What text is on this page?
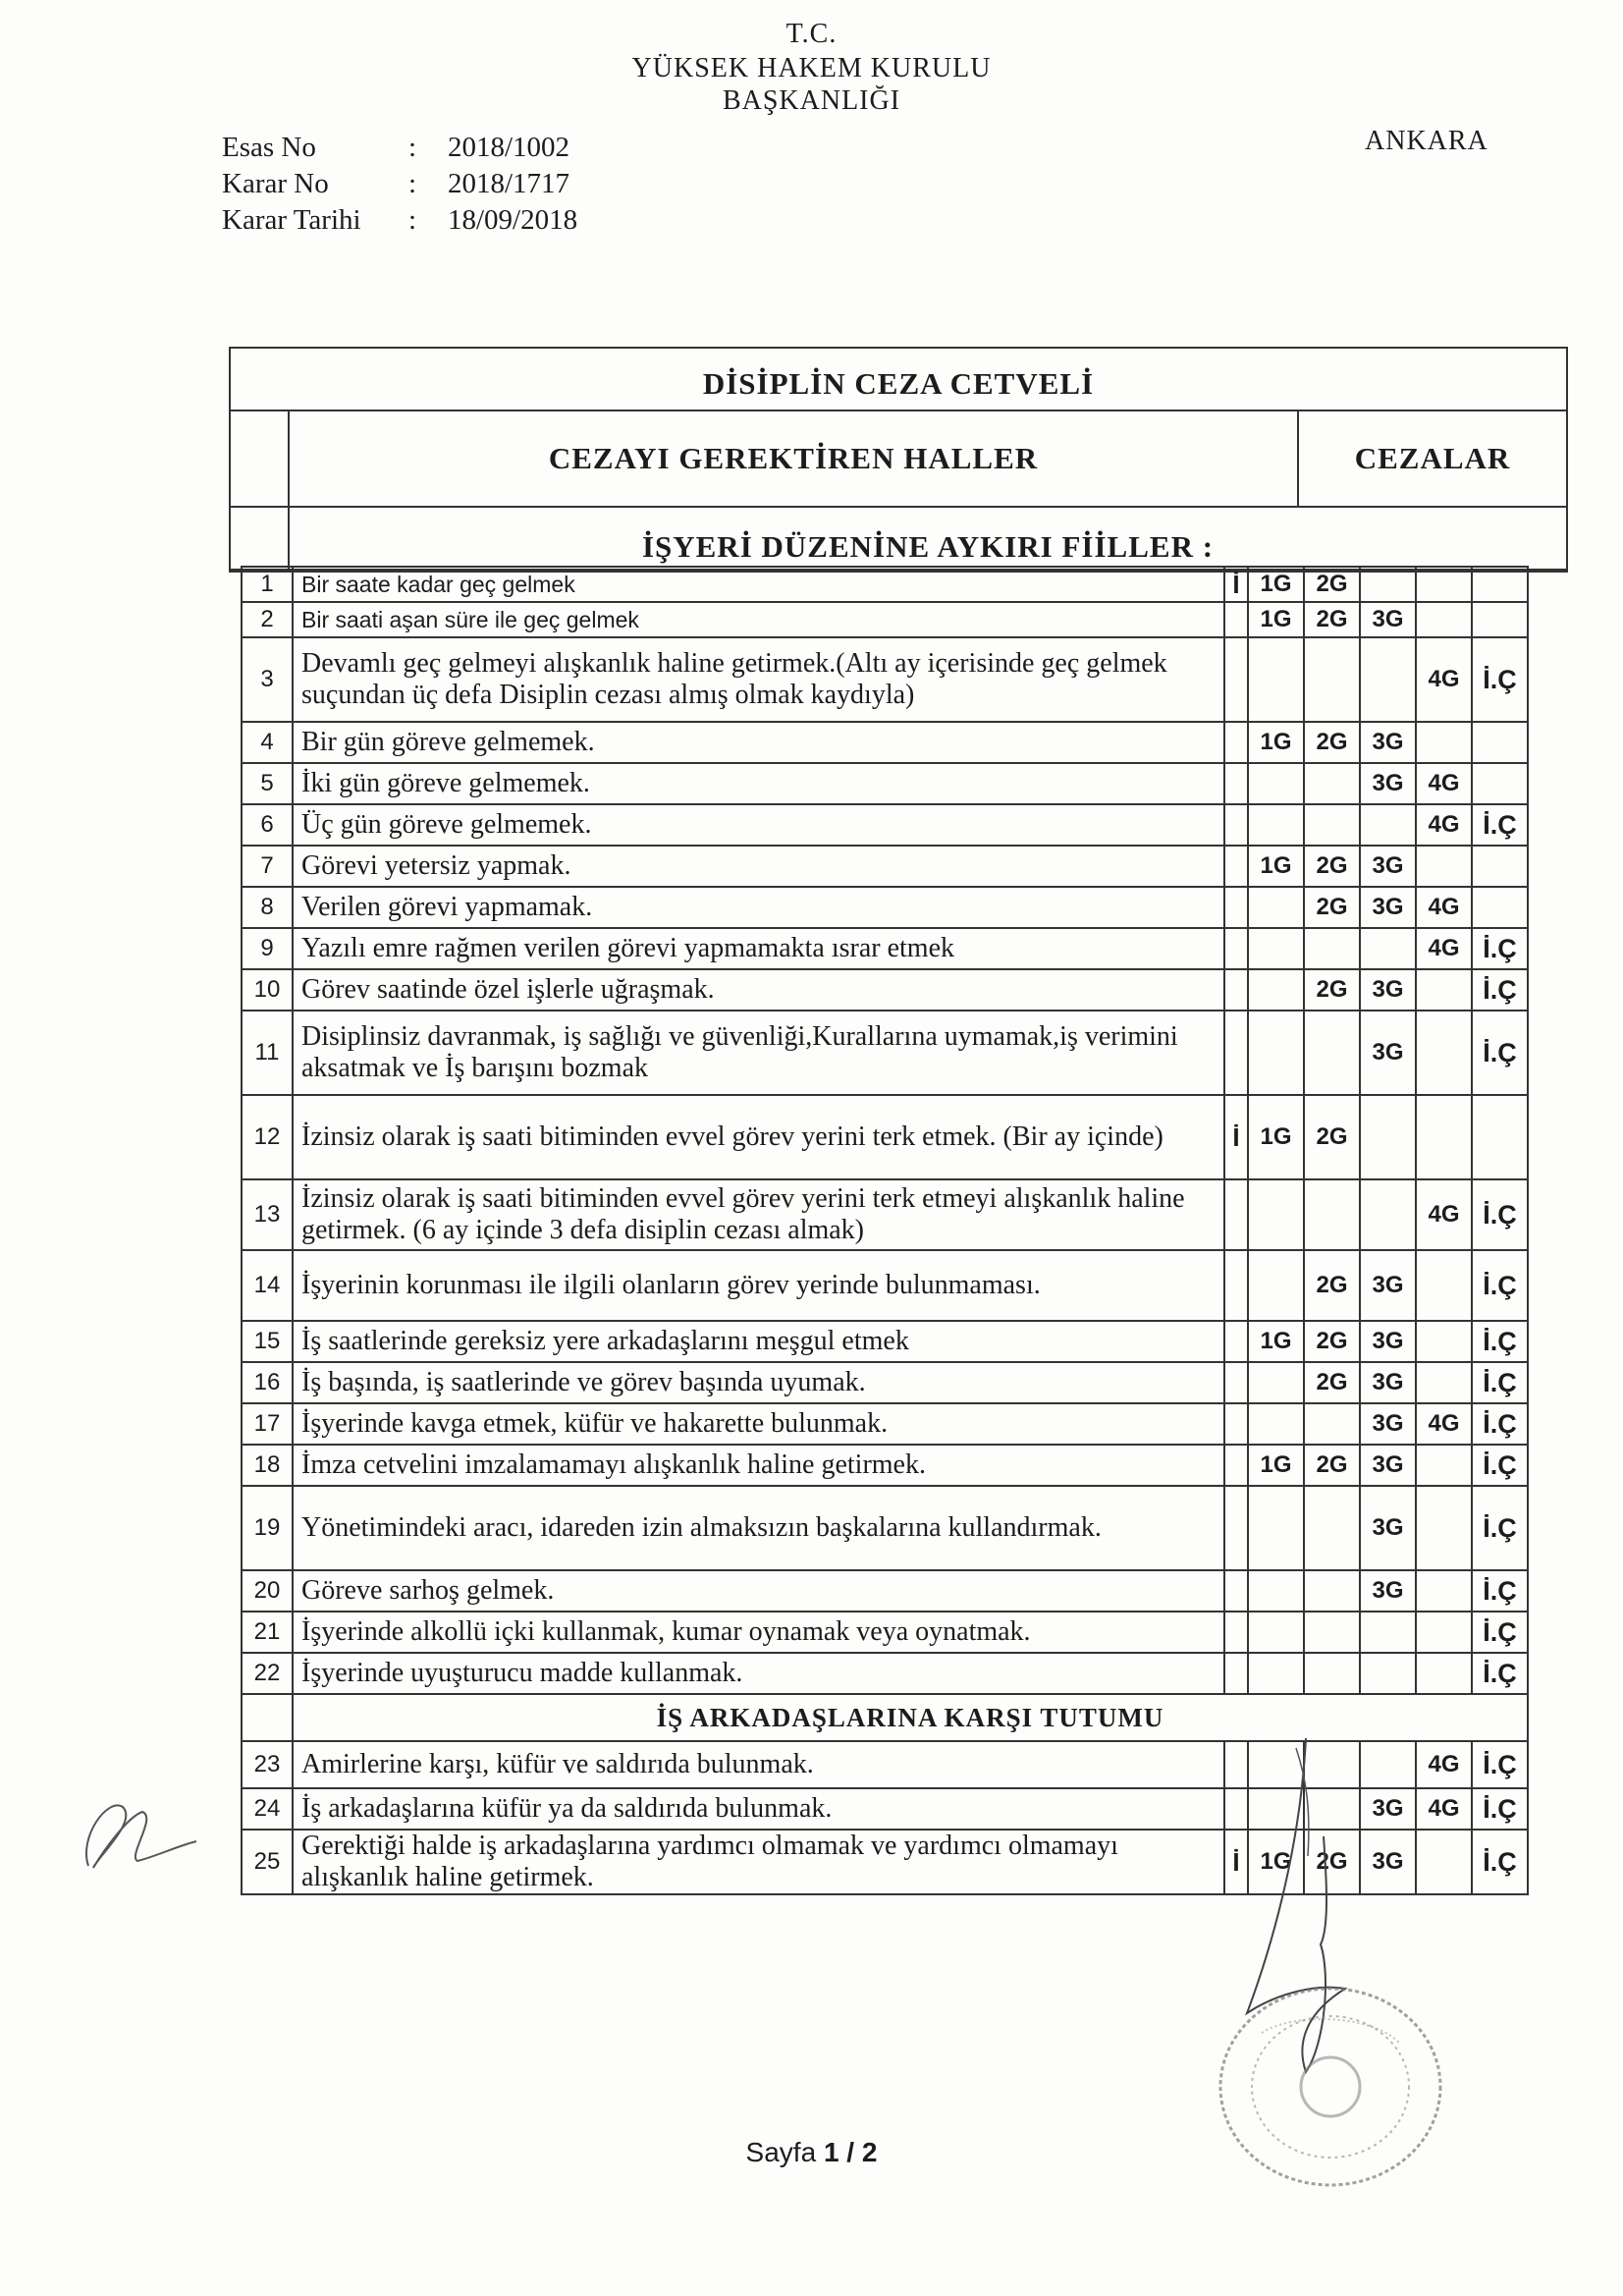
T.C.
YÜKSEK HAKEM KURULU
BAŞKANLIĞI
ANKARA
Esas No	:	2018/1002
Karar No	:	2018/1717
Karar Tarihi	:	18/09/2018
DİSİPLİN CEZA CETVELİ
CEZAYI GEREKTİREN HALLER	CEZALAR
İŞYERİ DÜZENİNE AYKIRI FİİLLER :
1	Bir saate kadar geç gelmek	İ	1G	2G			
2	Bir saati aşan süre ile geç gelmek		1G	2G	3G		
3	Devamlı geç gelmeyi alışkanlık haline getirmek.(Altı ay içerisinde geç gelmek suçundan üç defa Disiplin cezası almış olmak kaydıyla)					4G	İ.Ç
4	Bir gün göreve gelmemek.		1G	2G	3G		
5	İki gün göreve gelmemek.				3G	4G	
6	Üç gün göreve gelmemek.					4G	İ.Ç
7	Görevi yetersiz yapmak.		1G	2G	3G		
8	Verilen görevi yapmamak.			2G	3G	4G	
9	Yazılı emre rağmen verilen görevi yapmamakta ısrar etmek					4G	İ.Ç
10	Görev saatinde özel işlerle uğraşmak.			2G	3G		İ.Ç
11	Disiplinsiz davranmak, iş sağlığı ve güvenliği,Kurallarına uymamak,iş verimini aksatmak ve İş barışını bozmak				3G		İ.Ç
12	İzinsiz olarak iş saati bitiminden evvel görev yerini terk etmek. (Bir ay içinde)	İ	1G	2G			
13	İzinsiz olarak iş saati bitiminden evvel görev yerini terk etmeyi alışkanlık haline getirmek. (6 ay içinde 3 defa disiplin cezası almak)					4G	İ.Ç
14	İşyerinin korunması ile ilgili olanların görev yerinde bulunmaması.			2G	3G		İ.Ç
15	İş saatlerinde gereksiz yere arkadaşlarını meşgul etmek		1G	2G	3G		İ.Ç
16	İş başında, iş saatlerinde ve görev başında uyumak.			2G	3G		İ.Ç
17	İşyerinde kavga etmek, küfür ve hakarette bulunmak.				3G	4G	İ.Ç
18	İmza cetvelini imzalamamayı alışkanlık haline getirmek.		1G	2G	3G		İ.Ç
19	Yönetimindeki aracı, idareden izin almaksızın başkalarına kullandırmak.				3G		İ.Ç
20	Göreve sarhoş gelmek.				3G		İ.Ç
21	İşyerinde alkollü içki kullanmak, kumar oynamak veya oynatmak.						İ.Ç
22	İşyerinde uyuşturucu madde kullanmak.						İ.Ç
	İŞ ARKADAŞLARINA KARŞI TUTUMU						
23	Amirlerine karşı, küfür ve saldırıda bulunmak.					4G	İ.Ç
24	İş arkadaşlarına küfür ya da saldırıda bulunmak.				3G	4G	İ.Ç
25	Gerektiği halde iş arkadaşlarına yardımcı olmamak ve yardımcı olmamayı alışkanlık haline getirmek.	İ	1G	2G	3G		İ.Ç
Sayfa 1 / 2
